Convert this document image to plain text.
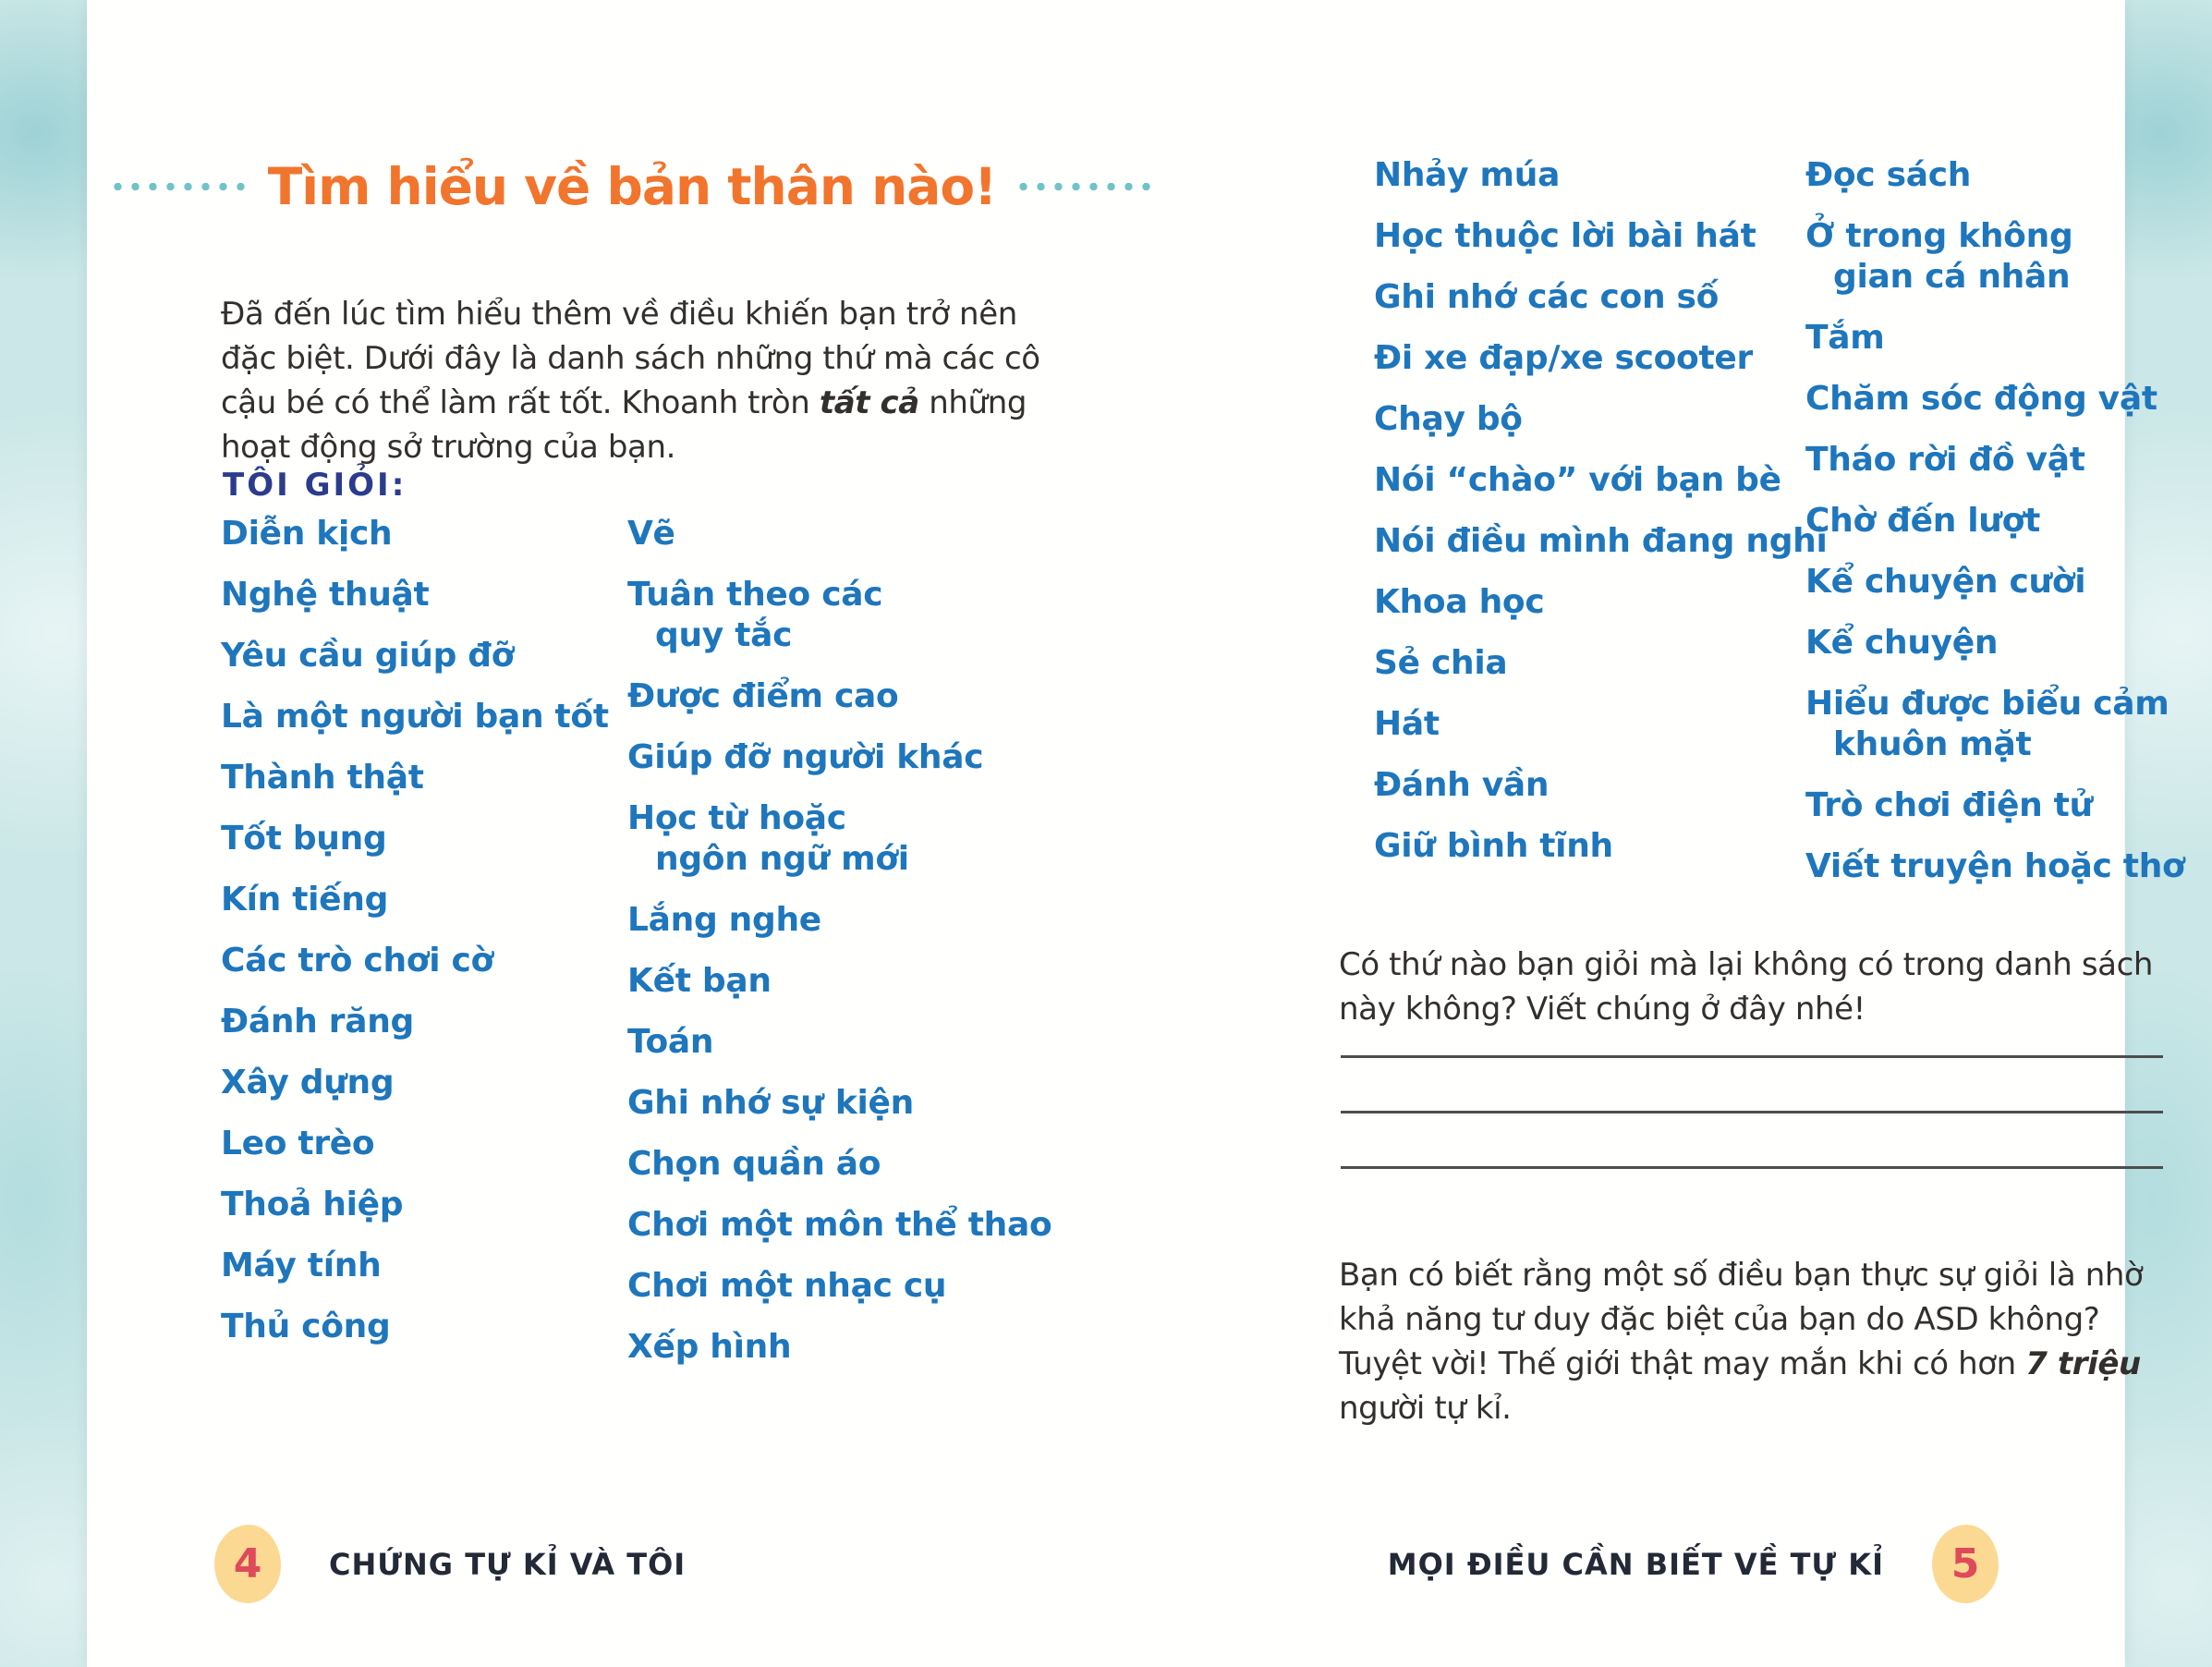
Tìm hiểu về bản thân nào!

Đã đến lúc tìm hiểu thêm về điều khiến bạn trở nên đặc biệt. Dưới đây là danh sách những thứ mà các cô cậu bé có thể làm rất tốt. Khoanh tròn tất cả những hoạt động sở trường của bạn.

TÔI GIỎI:
Diễn kịch
Nghệ thuật
Yêu cầu giúp đỡ
Là một người bạn tốt
Thành thật
Tốt bụng
Kín tiếng
Các trò chơi cờ
Đánh răng
Xây dựng
Leo trèo
Thoả hiệp
Máy tính
Thủ công
Vẽ
Tuân theo các
quy tắc
Được điểm cao
Giúp đỡ người khác
Học từ hoặc
ngôn ngữ mới
Lắng nghe
Kết bạn
Toán
Ghi nhớ sự kiện
Chọn quần áo
Chơi một môn thể thao
Chơi một nhạc cụ
Xếp hình
4 CHỨNG TỰ KỈ VÀ TÔI
Nhảy múa
Học thuộc lời bài hát
Ghi nhớ các con số
Đi xe đạp/xe scooter
Chạy bộ
Nói “chào” với bạn bè
Nói điều mình đang nghĩ
Khoa học
Sẻ chia
Hát
Đánh vần
Giữ bình tĩnh
Đọc sách
Ở trong không
gian cá nhân
Tắm
Chăm sóc động vật
Tháo rời đồ vật
Chờ đến lượt
Kể chuyện cười
Kể chuyện
Hiểu được biểu cảm
khuôn mặt
Trò chơi điện tử
Viết truyện hoặc thơ

Có thứ nào bạn giỏi mà lại không có trong danh sách này không? Viết chúng ở đây nhé!

Bạn có biết rằng một số điều bạn thực sự giỏi là nhờ khả năng tư duy đặc biệt của bạn do ASD không? Tuyệt vời! Thế giới thật may mắn khi có hơn 7 triệu người tự kỉ.

MỌI ĐIỀU CẦN BIẾT VỀ TỰ KỈ 5
